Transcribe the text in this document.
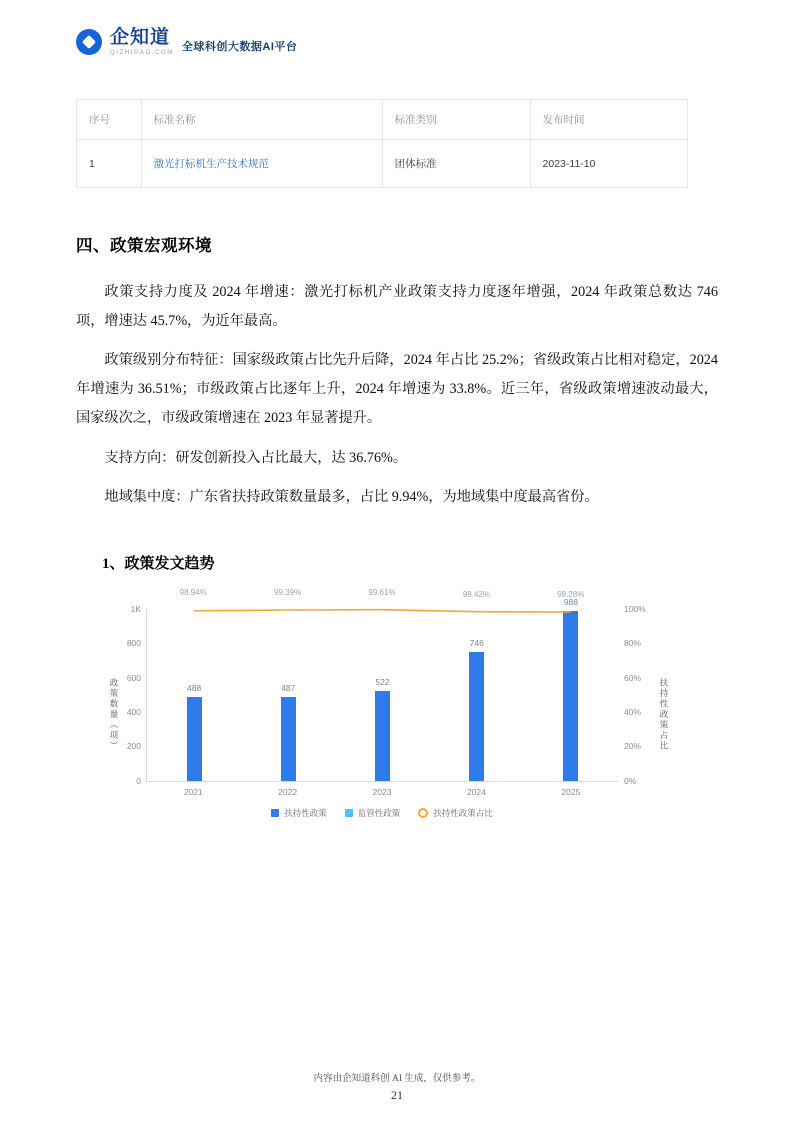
企知道
QIZHIDAO.COM 全球科创大数据AI平台
序号	标准名称	标准类别	发布时间
1	激光打标机生产技术规范	团体标准	2023-11-10
四、政策宏观环境

政策支持力度及 2024 年增速：激光打标机产业政策支持力度逐年增强，2024 年政策总数达 746 项，增速达 45.7%，为近年最高。

政策级别分布特征：国家级政策占比先升后降，2024 年占比 25.2%；省级政策占比相对稳定，2024 年增速为 36.51%；市级政策占比逐年上升，2024 年增速为 33.8%。近三年，省级政策增速波动最大，国家级次之，市级政策增速在 2023 年显著提升。

支持方向：研发创新投入占比最大，达 36.76%。

地域集中度：广东省扶持政策数量最多，占比 9.94%，为地域集中度最高省份。

1、政策发文趋势
政策数量（项）	扶持性政策占比
1K
800
600
400
200
0
100%
80%
60%
40%
20%
0%
488	487
522
746
988
98.94%	99.39%	99.61%	98.42%	98.28%
2021	2022	2023	2024	2025
扶持性政策	监管性政策	扶持性政策占比
内容由企知道科创 AI 生成，仅供参考。
21
